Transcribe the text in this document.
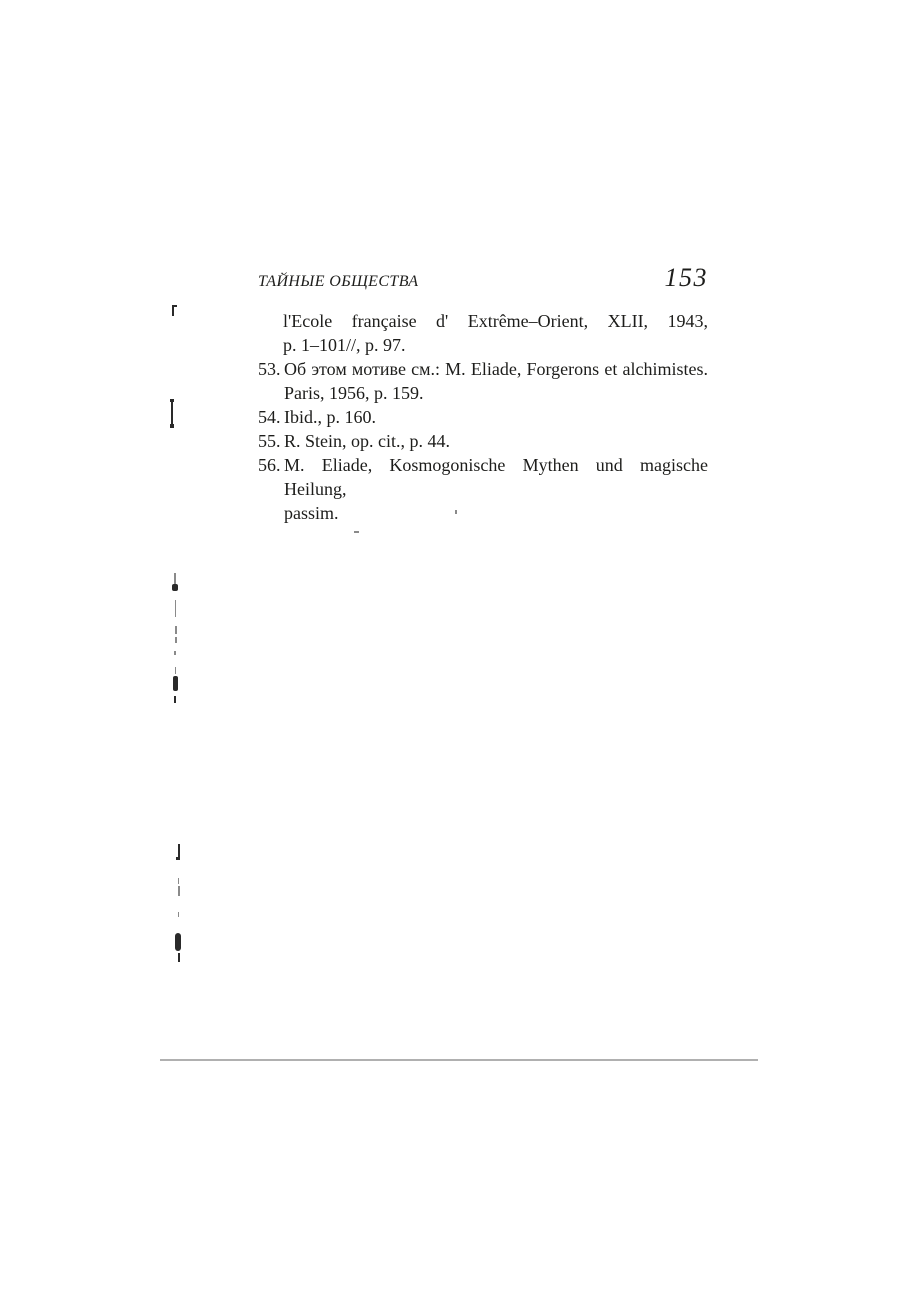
ТАЙНЫЕ ОБЩЕСТВА	153
l'Ecole française d' Extrême–Orient, XLII, 1943,
p. 1–101//, p. 97.
53. Об этом мотиве см.: M. Eliade, Forgerons et alchimistes.
Paris, 1956, p. 159.
54. Ibid., p. 160.
55. R. Stein, op. cit., p. 44.
56. M. Eliade, Kosmogonische Mythen und magische Heilung,
passim.
